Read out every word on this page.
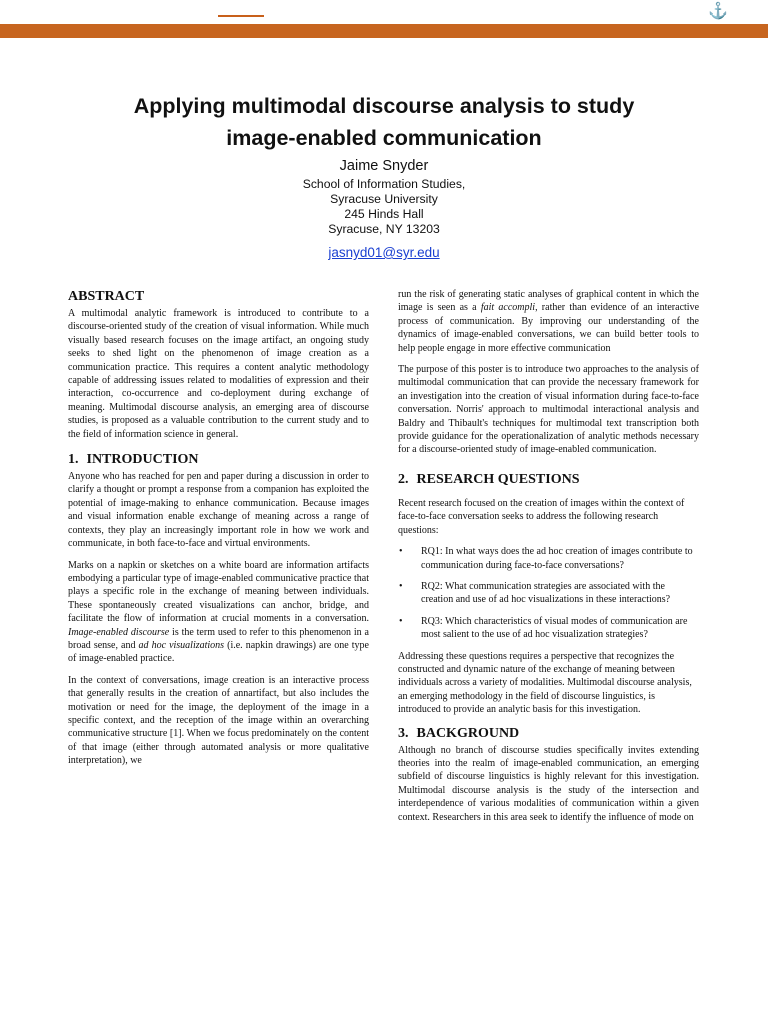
⚓
Applying multimodal discourse analysis to study
image-enabled communication
Jaime Snyder
School of Information Studies,
Syracuse University
245 Hinds Hall
Syracuse, NY 13203
jasnyd01@syr.edu
ABSTRACT

A multimodal analytic framework is introduced to contribute to a discourse-oriented study of the creation of visual information. While much visually based research focuses on the image artifact, an ongoing study seeks to shed light on the phenomenon of image creation as a communication practice. This requires a content analytic methodology capable of addressing issues related to modalities of expression and their interaction, co-occurrence and co-deployment during exchange of meaning. Multimodal discourse analysis, an emerging area of discourse studies, is proposed as a valuable contribution to the current study and to the field of information science in general.

1. INTRODUCTION

Anyone who has reached for pen and paper during a discussion in order to clarify a thought or prompt a response from a companion has exploited the potential of image-making to enhance communication. Because images and visual information enable exchange of meaning across a range of contexts, they play an increasingly important role in how we work and communicate, in both face-to-face and virtual environments.

Marks on a napkin or sketches on a white board are information artifacts embodying a particular type of image-enabled communicative practice that plays a specific role in the exchange of meaning between individuals. These spontaneously created visualizations can anchor, bridge, and facilitate the flow of information at crucial moments in a conversation. Image-enabled discourse is the term used to refer to this phenomenon in a broad sense, and ad hoc visualizations (i.e. napkin drawings) are one type of image-enabled practice.

In the context of conversations, image creation is an interactive process that generally results in the creation of annartifact, but also includes the motivation or need for the image, the deployment of the image in a specific context, and the reception of the image within an overarching communicative structure [1]. When we focus predominately on the content of that image (either through automated analysis or more qualitative interpretation), we

run the risk of generating static analyses of graphical content in which the image is seen as a fait accompli, rather than evidence of an interactive process of communication. By improving our understanding of the dynamics of image-enabled conversations, we can build better tools to help people engage in more effective communication

The purpose of this poster is to introduce two approaches to the analysis of multimodal communication that can provide the necessary framework for an investigation into the creation of visual information during face-to-face conversation. Norris' approach to multimodal interactional analysis and Baldry and Thibault's techniques for multimodal text transcription both provide guidance for the operationalization of analytic methods necessary for a discourse-oriented study of image-enabled communication.

2. RESEARCH QUESTIONS

Recent research focused on the creation of images within the context of face-to-face conversation seeks to address the following research questions:

• RQ1: In what ways does the ad hoc creation of images contribute to communication during face-to-face conversations?
• RQ2: What communication strategies are associated with the creation and use of ad hoc visualizations in these interactions?
• RQ3: Which characteristics of visual modes of communication are most salient to the use of ad hoc visualization strategies?

Addressing these questions requires a perspective that recognizes the constructed and dynamic nature of the exchange of meaning between individuals across a variety of modalities. Multimodal discourse analysis, an emerging methodology in the field of discourse linguistics, is introduced to provide an analytic basis for this investigation.

3. BACKGROUND

Although no branch of discourse studies specifically invites extending theories into the realm of image-enabled communication, an emerging subfield of discourse linguistics is highly relevant for this investigation. Multimodal discourse analysis is the study of the intersection and interdependence of various modalities of communication within a given context. Researchers in this area seek to identify the influence of mode on
